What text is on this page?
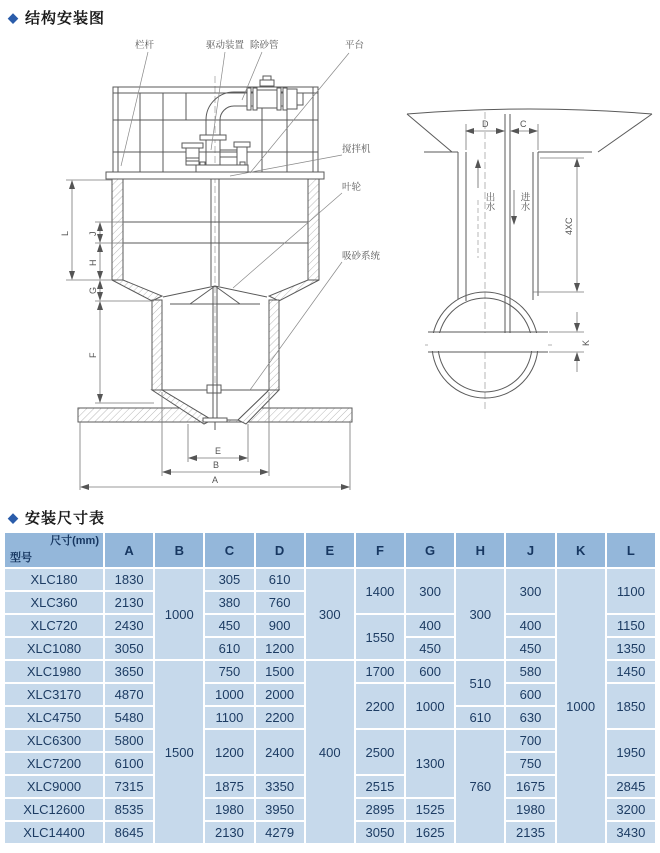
L J
H
G
F
E
B
A
栏杆	驱动装置 除砂管	平台
搅拌机
叶轮
吸砂系统
出水	进水
D	C
4XC
K
◆ 结构安装图
◆ 安装尺寸表
尺寸(mm)
型号	A	B	C	D	E	F	G	H	J	K	L
XLC180	1830	1000	305	610	300	1400	300	300	300	1000	1100
XLC360	2130		380	760							
XLC720	2430		450	900		1550	400		400		1150
XLC1080	3050		610	1200			450		450		1350
XLC1980	3650	1500	750	1500	400	1700	600	510	580		1450
XLC3170	4870		1000	2000		2200	1000		600		1850
XLC4750	5480		1100	2200				610	630		
XLC6300	5800		1200	2400		2500	1300	760	700		1950
XLC7200	6100								750		
XLC9000	7315		1875	3350		2515			1675		2845
XLC12600	8535		1980	3950		2895	1525		1980		3200
XLC14400	8645		2130	4279		3050	1625		2135		3430
